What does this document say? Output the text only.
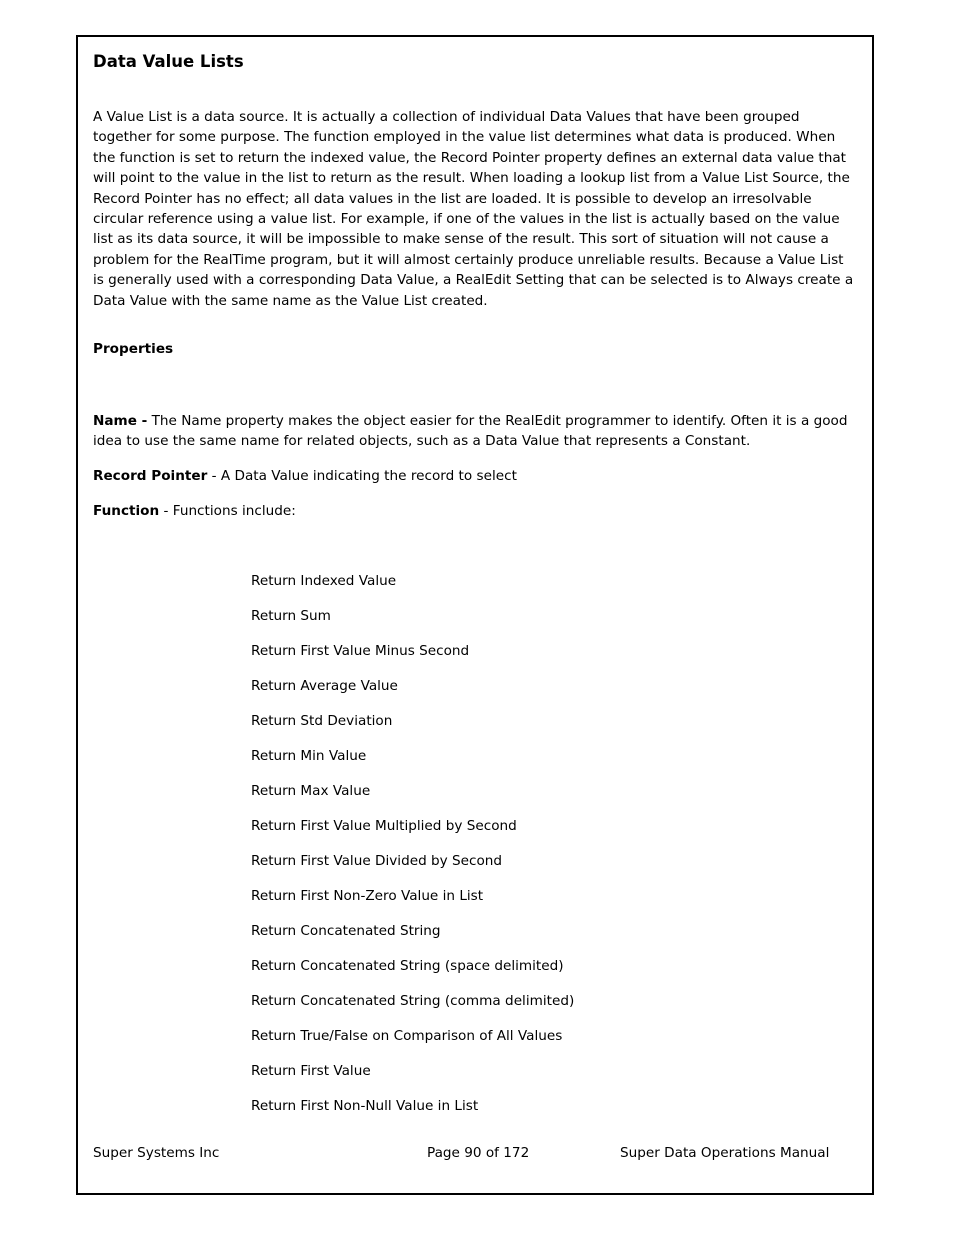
Data Value Lists

A Value List is a data source. It is actually a collection of individual Data Values that have been grouped together for some purpose. The function employed in the value list determines what data is produced. When the function is set to return the indexed value, the Record Pointer property defines an external data value that will point to the value in the list to return as the result. When loading a lookup list from a Value List Source, the Record Pointer has no effect; all data values in the list are loaded. It is possible to develop an irresolvable circular reference using a value list. For example, if one of the values in the list is actually based on the value list as its data source, it will be impossible to make sense of the result. This sort of situation will not cause a problem for the RealTime program, but it will almost certainly produce unreliable results. Because a Value List is generally used with a corresponding Data Value, a RealEdit Setting that can be selected is to Always create a Data Value with the same name as the Value List created.

Properties

Name - The Name property makes the object easier for the RealEdit programmer to identify. Often it is a good idea to use the same name for related objects, such as a Data Value that represents a Constant.

Record Pointer - A Data Value indicating the record to select

Function - Functions include:

Return Indexed Value
Return Sum
Return First Value Minus Second
Return Average Value
Return Std Deviation
Return Min Value
Return Max Value
Return First Value Multiplied by Second
Return First Value Divided by Second
Return First Non-Zero Value in List
Return Concatenated String
Return Concatenated String (space delimited)
Return Concatenated String (comma delimited)
Return True/False on Comparison of All Values
Return First Value
Return First Non-Null Value in List
Super Systems Inc	Page 90 of 172	Super Data Operations Manual
